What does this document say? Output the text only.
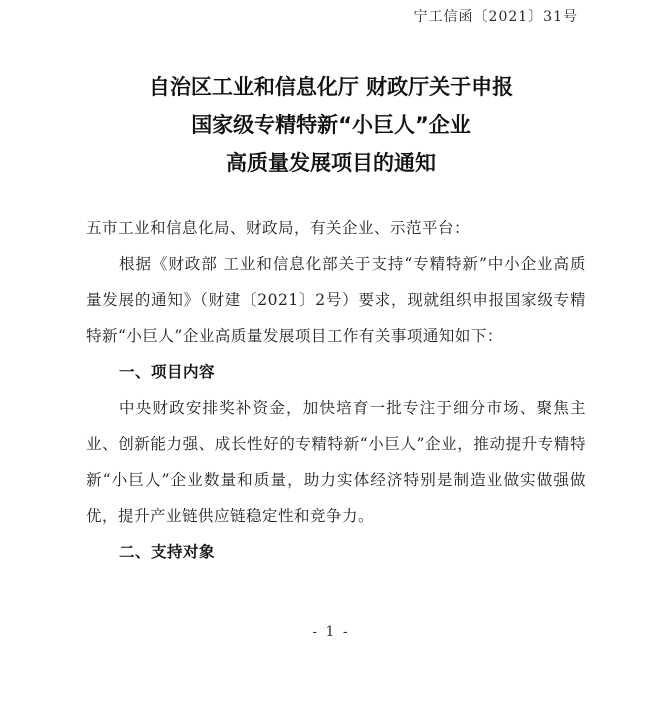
宁工信函〔2021〕31号
自治区工业和信息化厅 财政厅关于申报
国家级专精特新“小巨人”企业
高质量发展项目的通知

五市工业和信息化局、财政局，有关企业、示范平台：

根据《财政部 工业和信息化部关于支持“专精特新”中小企业高质量发展的通知》（财建〔2021〕2号）要求，现就组织申报国家级专精特新“小巨人”企业高质量发展项目工作有关事项通知如下：

一、项目内容

中央财政安排奖补资金，加快培育一批专注于细分市场、聚焦主业、创新能力强、成长性好的专精特新“小巨人”企业，推动提升专精特新“小巨人”企业数量和质量，助力实体经济特别是制造业做实做强做优，提升产业链供应链稳定性和竞争力。

二、支持对象

- 1 -
